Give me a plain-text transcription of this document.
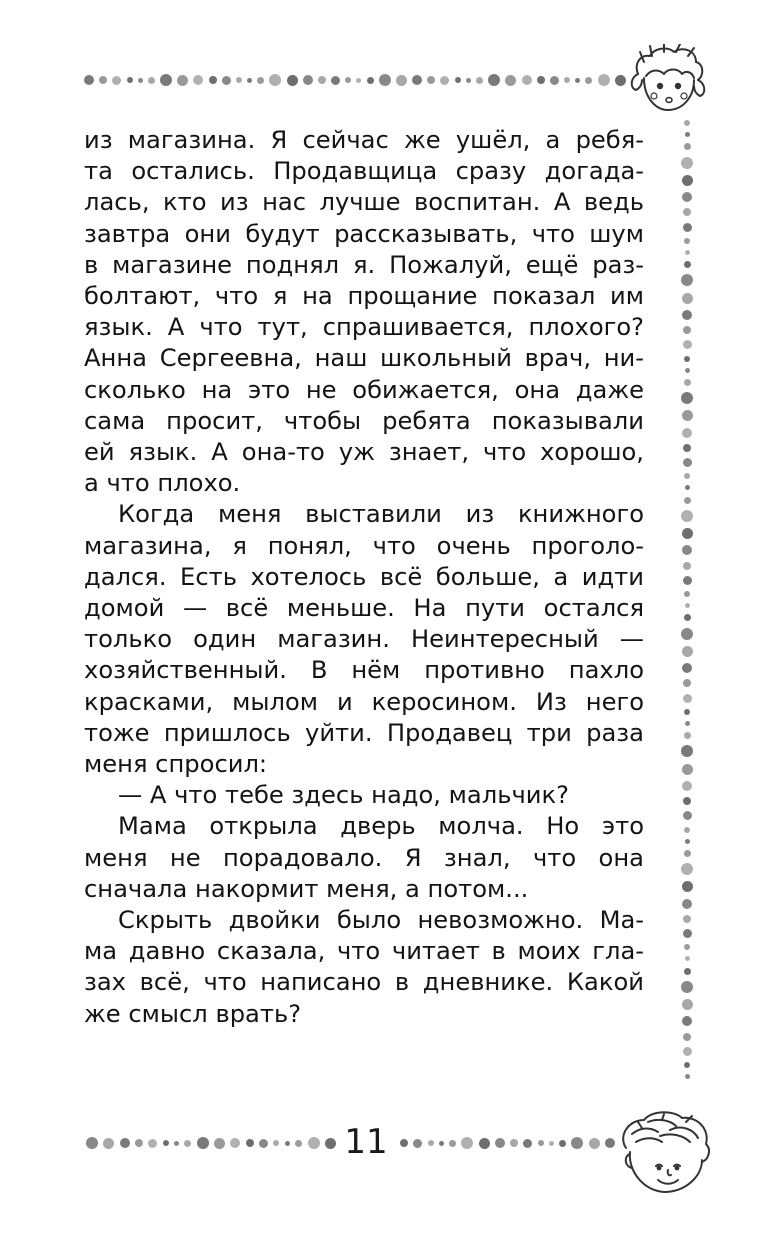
из магазина. Я сейчас же ушёл, а ребя-

та остались. Продавщица сразу догада-

лась, кто из нас лучше воспитан. А ведь

завтра они будут рассказывать, что шум

в магазине поднял я. Пожалуй, ещё раз-

болтают, что я на прощание показал им

язык. А что тут, спрашивается, плохого?

Анна Сергеевна, наш школьный врач, ни-

сколько на это не обижается, она даже

сама просит, чтобы ребята показывали

ей язык. А она-то уж знает, что хорошо,

а что плохо.

Когда меня выставили из книжного

магазина, я понял, что очень проголо-

дался. Есть хотелось всё больше, а идти

домой — всё меньше. На пути остался

только один магазин. Неинтересный —

хозяйственный. В нём противно пахло

красками, мылом и керосином. Из него

тоже пришлось уйти. Продавец три раза

меня спросил:

— А что тебе здесь надо, мальчик?

Мама открыла дверь молча. Но это

меня не порадовало. Я знал, что она

сначала накормит меня, а потом...

Скрыть двойки было невозможно. Ма-

ма давно сказала, что читает в моих гла-

зах всё, что написано в дневнике. Какой

же смысл врать?

11
